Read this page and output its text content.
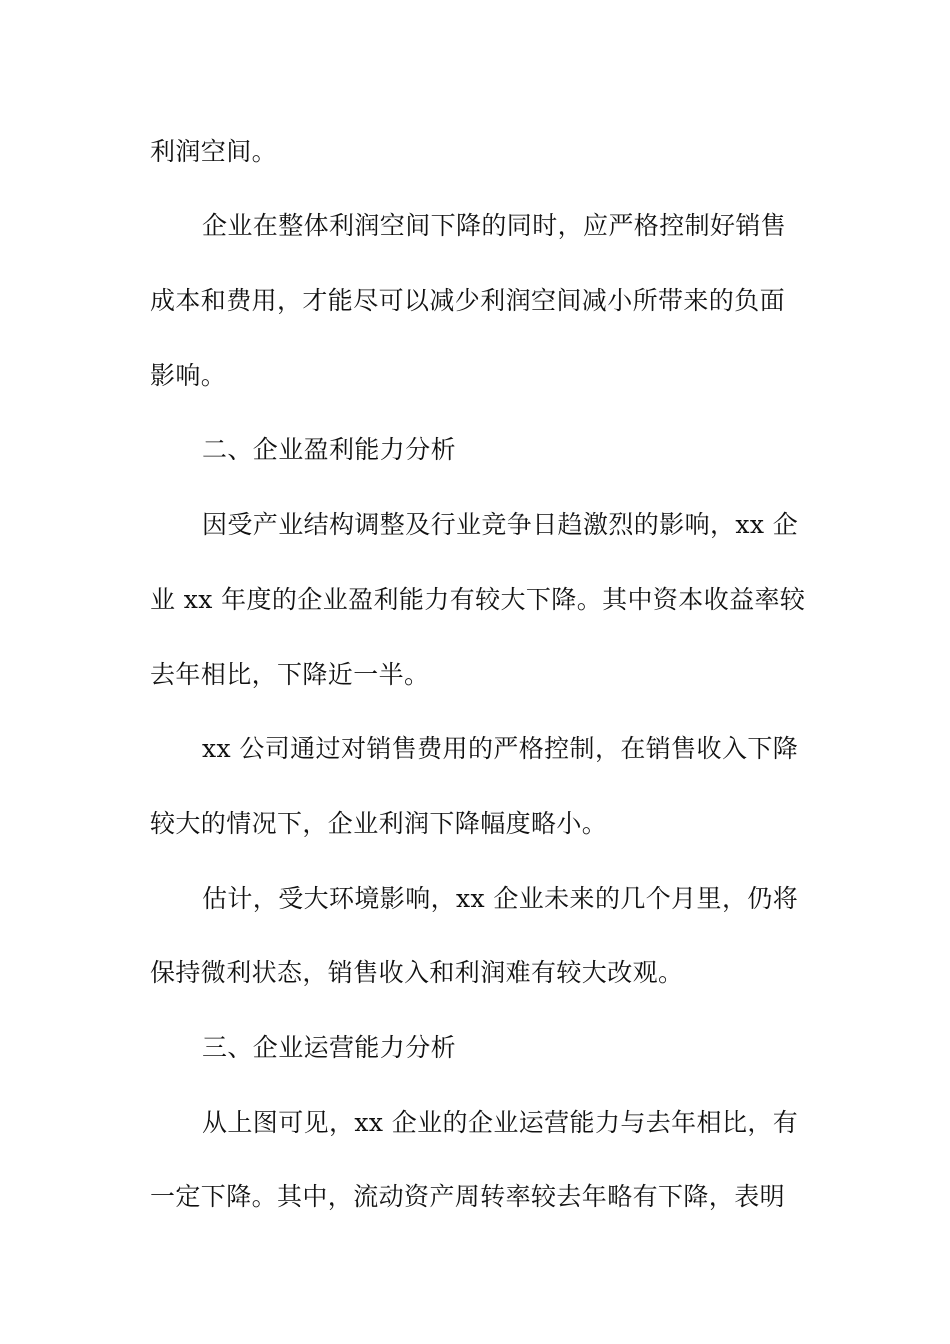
利润空间。
企业在整体利润空间下降的同时，应严格控制好销售
成本和费用，才能尽可以减少利润空间减小所带来的负面
影响。
二、企业盈利能力分析
因受产业结构调整及行业竞争日趋激烈的影响，xx 企
业 xx 年度的企业盈利能力有较大下降。其中资本收益率较
去年相比，下降近一半。
xx 公司通过对销售费用的严格控制，在销售收入下降
较大的情况下，企业利润下降幅度略小。
估计，受大环境影响，xx 企业未来的几个月里，仍将
保持微利状态，销售收入和利润难有较大改观。
三、企业运营能力分析
从上图可见，xx 企业的企业运营能力与去年相比，有
一定下降。其中，流动资产周转率较去年略有下降，表明
